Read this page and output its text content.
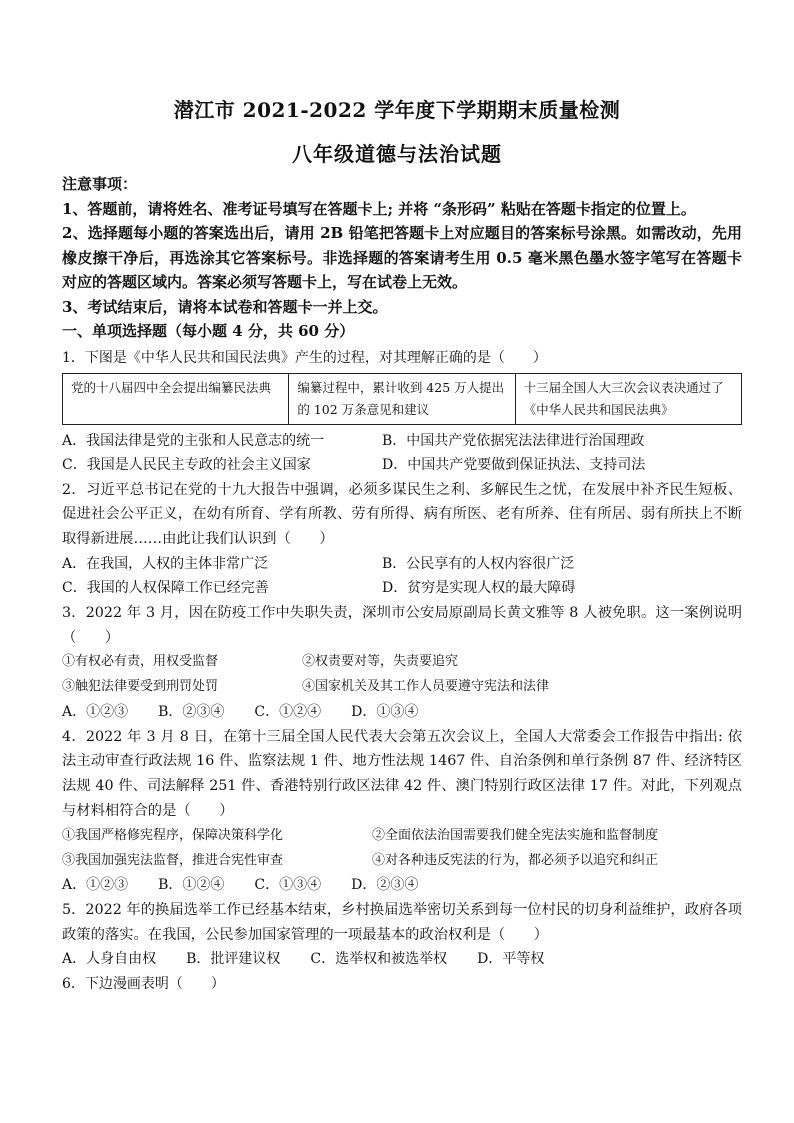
潜江市 2021-2022 学年度下学期期末质量检测
八年级道德与法治试题

注意事项：

1、答题前，请将姓名、准考证号填写在答题卡上; 并将 “条形码” 粘贴在答题卡指定的位置上。

2、选择题每小题的答案选出后，请用 2B 铅笔把答题卡上对应题目的答案标号涂黑。如需改动，先用橡皮擦干净后，再选涂其它答案标号。非选择题的答案请考生用 0.5 毫米黑色墨水签字笔写在答题卡对应的答题区域内。答案必须写答题卡上，写在试卷上无效。

3、考试结束后，请将本试卷和答题卡一并上交。

一、单项选择题（每小题 4 分，共 60 分）

1．下图是《中华人民共和国民法典》产生的过程，对其理解正确的是（　　）

党的十八届四中全会提出编纂民法典	编纂过程中，累计收到 425 万人提出的 102 万条意见和建议	十三届全国人大三次会议表决通过了《中华人民共和国民法典》
A．我国法律是党的主张和人民意志的统一	B．中国共产党依据宪法法律进行治国理政
C．我国是人民民主专政的社会主义国家	D．中国共产党要做到保证执法、支持司法

2．习近平总书记在党的十九大报告中强调，必须多谋民生之利、多解民生之忧，在发展中补齐民生短板、促进社会公平正义，在幼有所育、学有所教、劳有所得、病有所医、老有所养、住有所居、弱有所扶上不断取得新进展……由此让我们认识到（　　）

A．在我国，人权的主体非常广泛	B．公民享有的人权内容很广泛
C．我国的人权保障工作已经完善	D．贫穷是实现人权的最大障碍

3．2022 年 3 月，因在防疫工作中失职失责，深圳市公安局原副局长黄文雅等 8 人被免职。这一案例说明（　　）

①有权必有责，用权受监督	②权责要对等，失责要追究
③触犯法律要受到刑罚处罚	④国家机关及其工作人员要遵守宪法和法律
A．①②③ B．②③④ C．①②④ D．①③④

4．2022 年 3 月 8 日，在第十三届全国人民代表大会第五次会议上，全国人大常委会工作报告中指出: 依法主动审查行政法规 16 件、监察法规 1 件、地方性法规 1467 件、自治条例和单行条例 87 件、经济特区法规 40 件、司法解释 251 件、香港特别行政区法律 42 件、澳门特别行政区法律 17 件。对此，下列观点与材料相符合的是（　　）

①我国严格修宪程序，保障决策科学化	②全面依法治国需要我们健全宪法实施和监督制度
③我国加强宪法监督，推进合宪性审查	④对各种违反宪法的行为，都必须予以追究和纠正
A．①②③ B．①②④ C．①③④ D．②③④

5．2022 年的换届选举工作已经基本结束，乡村换届选举密切关系到每一位村民的切身利益维护，政府各项政策的落实。在我国，公民参加国家管理的一项最基本的政治权利是（　　）

A．人身自由权 B．批评建议权 C．选举权和被选举权 D．平等权

6．下边漫画表明（　　）
